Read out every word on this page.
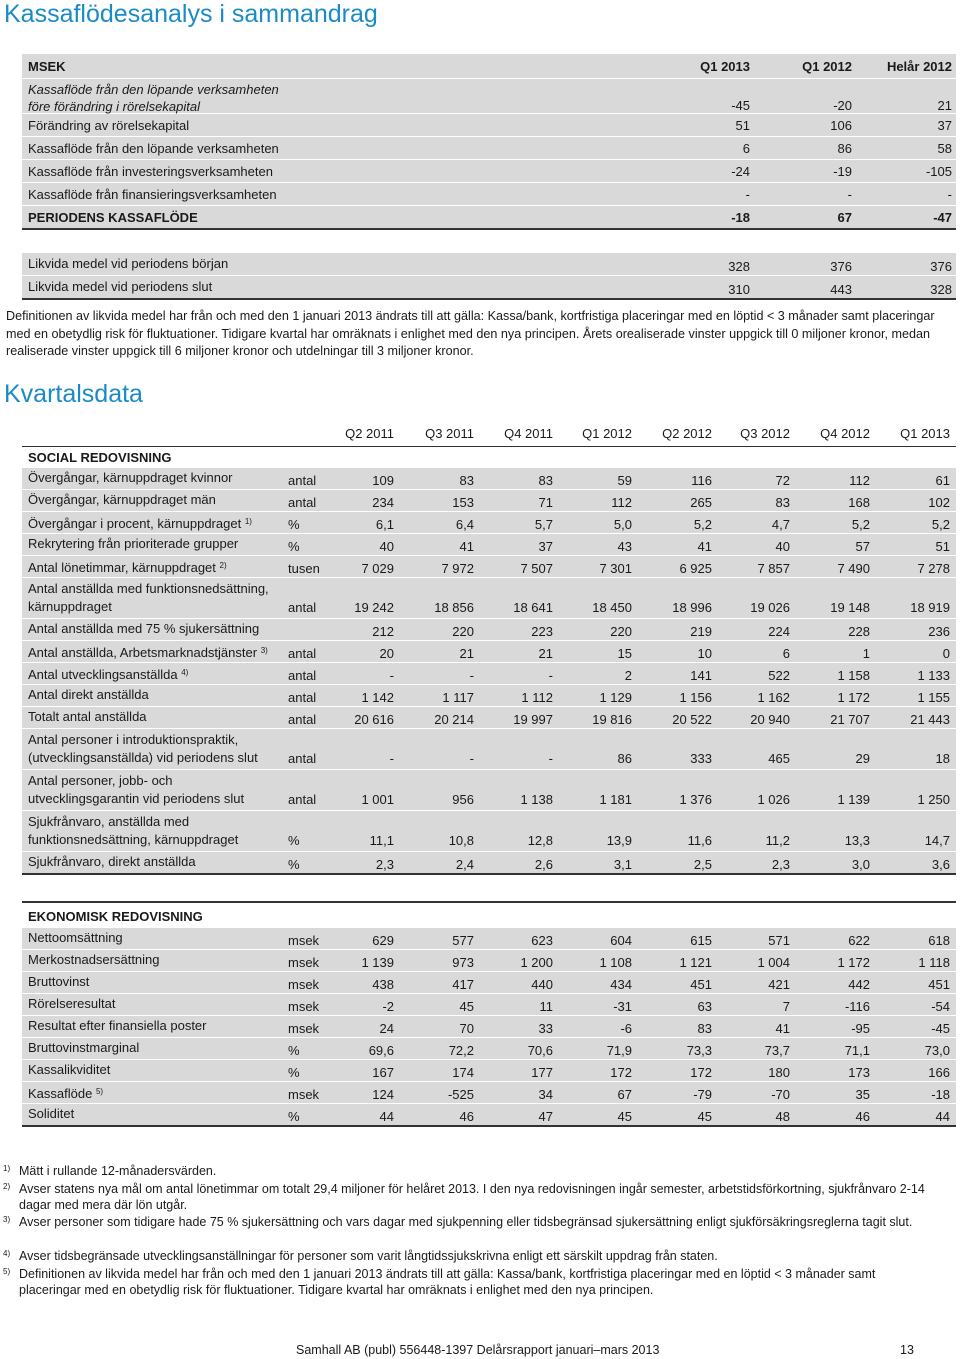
Kassaflödesanalys i sammandrag
MSEK	Q1 2013	Q1 2012	Helår 2012
Kassaflöde från den löpande verksamheten
före förändring i rörelsekapital	-45	-20	21
Förändring av rörelsekapital	51	106	37
Kassaflöde från den löpande verksamheten	6	86	58
Kassaflöde från investeringsverksamheten	-24	-19	-105
Kassaflöde från finansieringsverksamheten	-	-	-
PERIODENS KASSAFLÖDE	-18	67	-47
Likvida medel vid periodens början	328	376	376
Likvida medel vid periodens slut	310	443	328
Definitionen av likvida medel har från och med den 1 januari 2013 ändrats till att gälla: Kassa/bank, kortfristiga placeringar med en löptid < 3 månader samt placeringar med en obetydlig risk för fluktuationer. Tidigare kvartal har omräknats i enlighet med den nya principen. Årets orealiserade vinster uppgick till 0 miljoner kronor, medan realiserade vinster uppgick till 6 miljoner kronor och utdelningar till 3 miljoner kronor.
Kvartalsdata
Q2 2011	Q3 2011	Q4 2011	Q1 2012	Q2 2012	Q3 2012	Q4 2012	Q1 2013
SOCIAL REDOVISNING
Övergångar, kärnuppdraget kvinnor	antal	109	83	83	59	116	72	112	61
Övergångar, kärnuppdraget män	antal	234	153	71	112	265	83	168	102
Övergångar i procent, kärnuppdraget $^{1)}$	%	6,1	6,4	5,7	5,0	5,2	4,7	5,2	5,2
Rekrytering från prioriterade grupper	%	40	41	37	43	41	40	57	51
Antal lönetimmar, kärnuppdraget $^{2)}$	tusen	7 029	7 972	7 507	7 301	6 925	7 857	7 490	7 278
Antal anställda med funktionsnedsättning,
kärnuppdraget	antal	19 242	18 856	18 641	18 450	18 996	19 026	19 148	18 919
Antal anställda med 75 % sjukersättning	212	220	223	220	219	224	228	236
Antal anställda, Arbetsmarknadstjänster $^{3)}$ antal	20	21	21	15	10	6	1	0
Antal utvecklingsanställda $^{4)}$	antal	-	-	-	2	141	522	1 158	1 133
Antal direkt anställda	antal	1 142	1 117	1 112	1 129	1 156	1 162	1 172	1 155
Totalt antal anställda	antal	20 616	20 214	19 997	19 816	20 522	20 940	21 707	21 443
Antal personer i introduktionspraktik,
(utvecklingsanställda) vid periodens slut antal	-	-	-	86	333	465	29	18
Antal personer, jobb- och
utvecklingsgarantin vid periodens slut	antal	1 001	956	1 138	1 181	1 376	1 026	1 139	1 250
Sjukfrånvaro, anställda med
funktionsnedsättning, kärnuppdraget	%	11,1	10,8	12,8	13,9	11,6	11,2	13,3	14,7
Sjukfrånvaro, direkt anställda	%	2,3	2,4	2,6	3,1	2,5	2,3	3,0	3,6
EKONOMISK REDOVISNING
Nettoomsättning	msek	629	577	623	604	615	571	622	618
Merkostnadsersättning	msek	1 139	973	1 200	1 108	1 121	1 004	1 172	1 118
Bruttovinst	msek	438	417	440	434	451	421	442	451
Rörelseresultat	msek	-2	45	11	-31	63	7	-116	-54
Resultat efter finansiella poster	msek	24	70	33	-6	83	41	-95	-45
Bruttovinstmarginal	%	69,6	72,2	70,6	71,9	73,3	73,7	71,1	73,0
Kassalikviditet	%	167	174	177	172	172	180	173	166
Kassaflöde $^{5)}$	msek	124	-525	34	67	-79	-70	35	-18
Soliditet	%	44	46	47	45	45	48	46	44
1) Mätt i rullande 12-månadersvärden.
2) Avser statens nya mål om antal lönetimmar om totalt 29,4 miljoner för helåret 2013. I den nya redovisningen ingår semester, arbetstidsförkortning, sjukfrånvaro 2-14 dagar med mera där lön utgår.
3) Avser personer som tidigare hade 75 % sjukersättning och vars dagar med sjukpenning eller tidsbegränsad sjukersättning enligt sjukförsäkringsreglerna tagit slut.
4) Avser tidsbegränsade utvecklingsanställningar för personer som varit långtidssjukskrivna enligt ett särskilt uppdrag från staten.
5) Definitionen av likvida medel har från och med den 1 januari 2013 ändrats till att gälla: Kassa/bank, kortfristiga placeringar med en löptid < 3 månader samt placeringar med en obetydlig risk för fluktuationer. Tidigare kvartal har omräknats i enlighet med den nya principen.
Samhall AB (publ) 556448-1397 Delårsrapport januari–mars 2013	13
